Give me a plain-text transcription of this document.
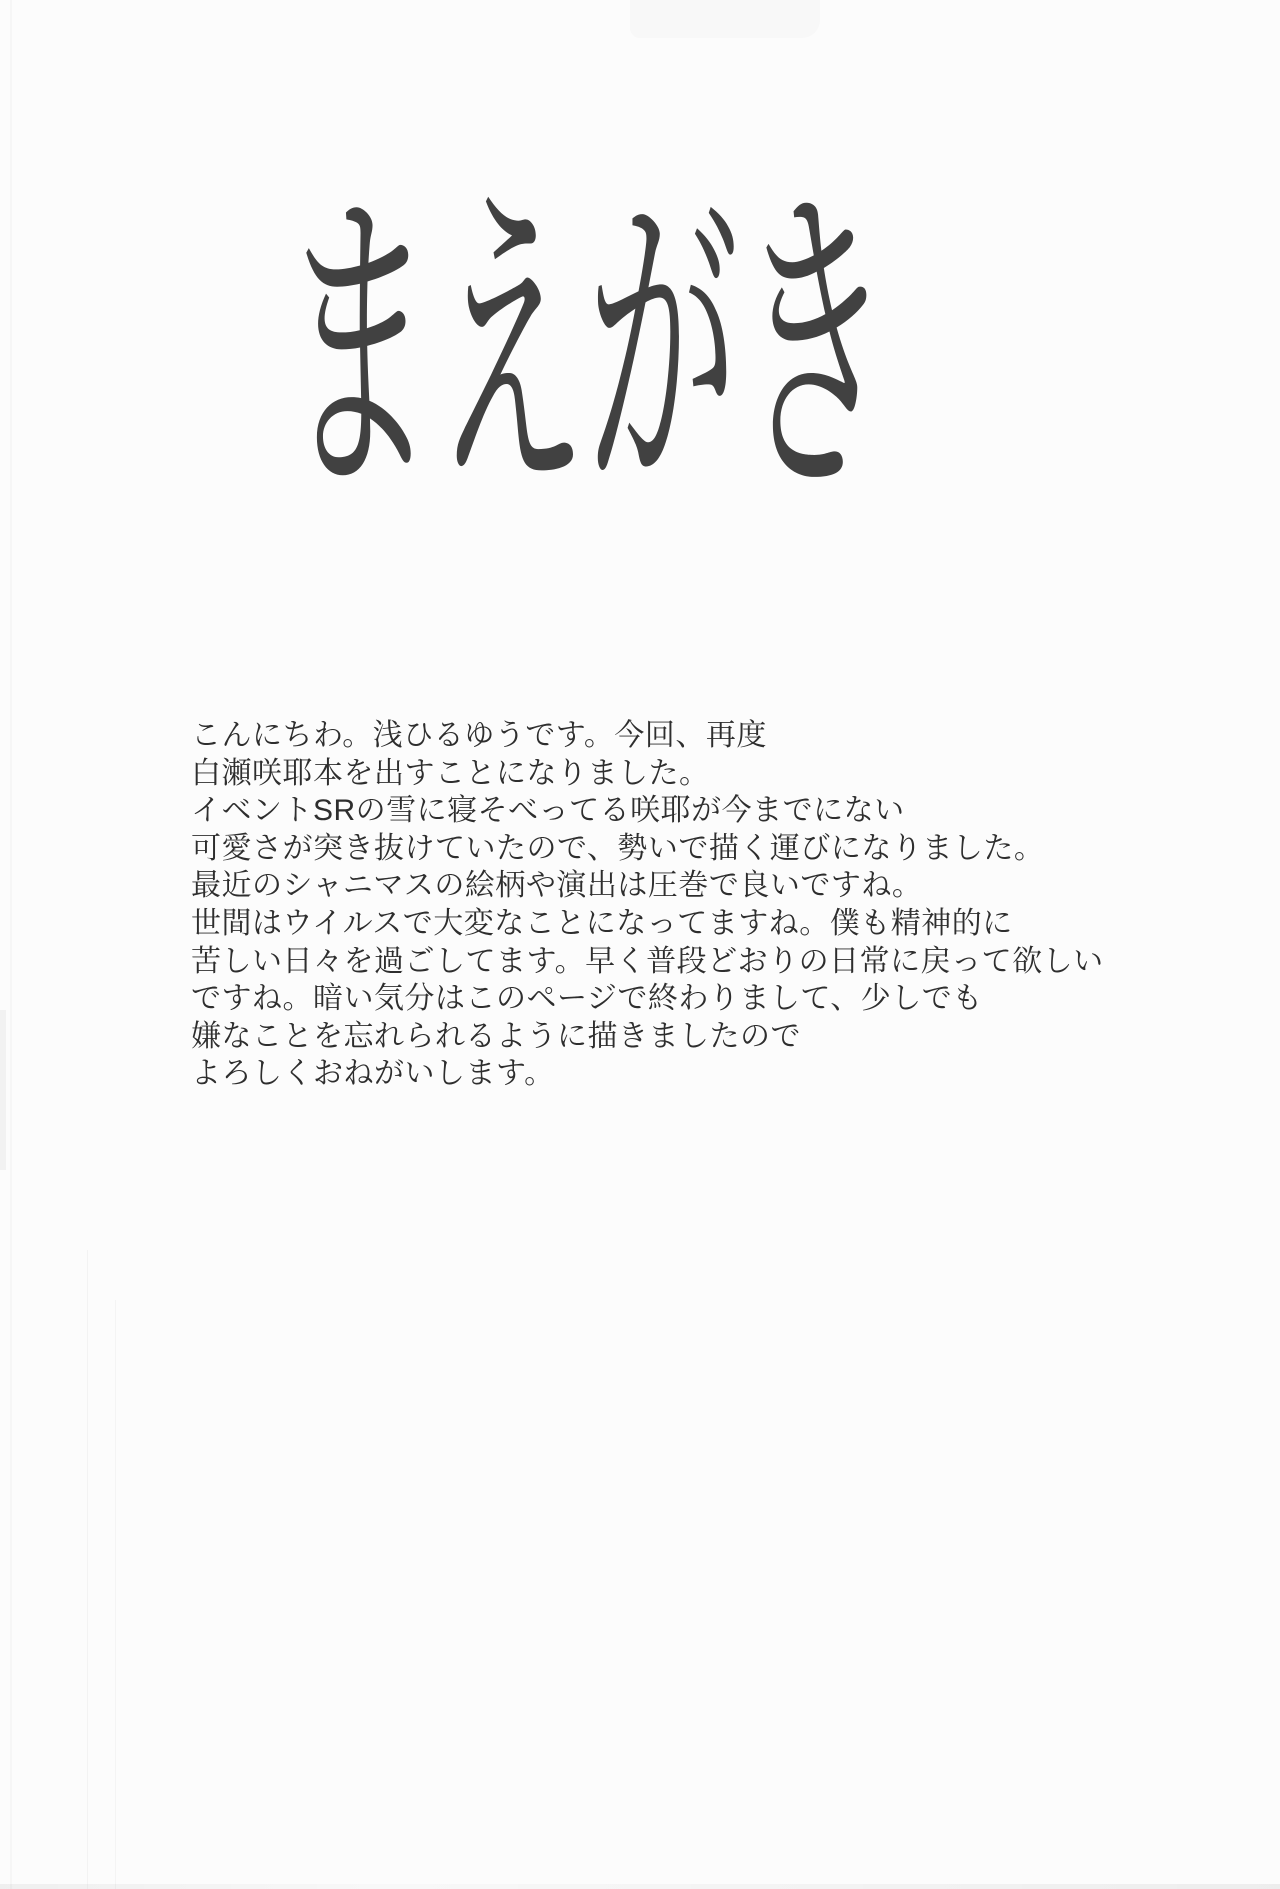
まえがき
こんにちわ。浅ひるゆうです。今回、再度
白瀬咲耶本を出すことになりました。
イベントSRの雪に寝そべってる咲耶が今までにない
可愛さが突き抜けていたので、勢いで描く運びになりました。
最近のシャニマスの絵柄や演出は圧巻で良いですね。
世間はウイルスで大変なことになってますね。僕も精神的に
苦しい日々を過ごしてます。早く普段どおりの日常に戻って欲しい
ですね。暗い気分はこのページで終わりまして、少しでも
嫌なことを忘れられるように描きましたので
よろしくおねがいします。
